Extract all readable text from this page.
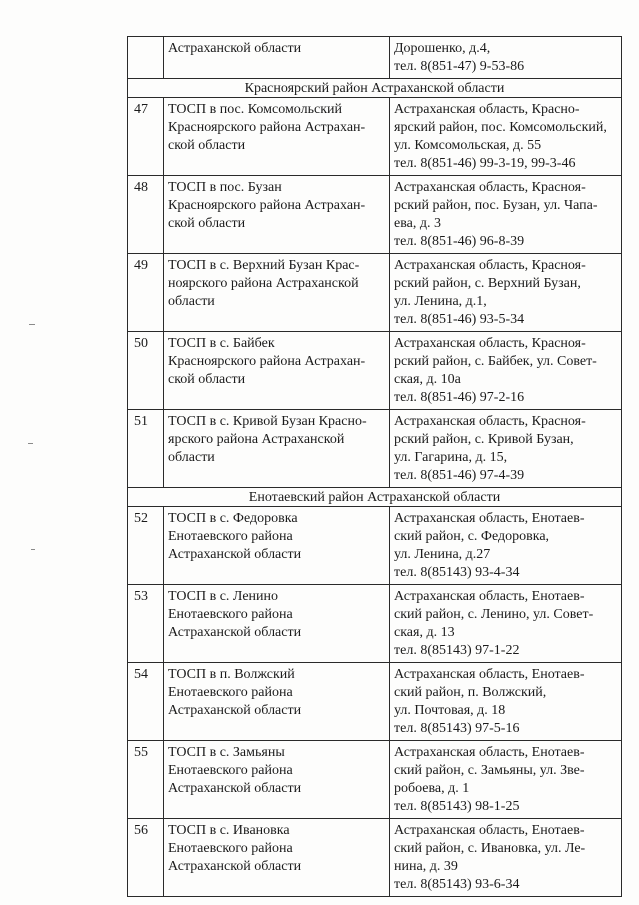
	Астраханской области	Дорошенко, д.4,
тел. 8(851-47) 9-53-86

Красноярский район Астраханской области		
47	ТОСП в пос. Комсомольский
Красноярского района Астрахан-
ской области	Астраханская область, Красно-
ярский район, пос. Комсомольский,
ул. Комсомольская, д. 55
тел. 8(851-46) 99-3-19, 99-3-46

48	ТОСП в пос. Бузан
Красноярского района Астрахан-
ской области	Астраханская область, Красноя-
рский район, пос. Бузан, ул. Чапа-
ева, д. 3
тел. 8(851-46) 96-8-39

49	ТОСП в с. Верхний Бузан Крас-
ноярского района Астраханской
области	Астраханская область, Красноя-
рский район, с. Верхний Бузан,
ул. Ленина, д.1,
тел. 8(851-46) 93-5-34

50	ТОСП в с. Байбек
Красноярского района Астрахан-
ской области	Астраханская область, Красноя-
рский район, с. Байбек, ул. Совет-
ская, д. 10а
тел. 8(851-46) 97-2-16

51	ТОСП в с. Кривой Бузан Красно-
ярского района Астраханской
области	Астраханская область, Красноя-
рский район, с. Кривой Бузан,
ул. Гагарина, д. 15,
тел. 8(851-46) 97-4-39

Енотаевский район Астраханской области		
52	ТОСП в с. Федоровка
Енотаевского района
Астраханской области	Астраханская область, Енотаев-
ский район, с. Федоровка,
ул. Ленина, д.27
тел. 8(85143) 93-4-34

53	ТОСП в с. Ленино
Енотаевского района
Астраханской области	Астраханская область, Енотаев-
ский район, с. Ленино, ул. Совет-
ская, д. 13
тел. 8(85143) 97-1-22

54	ТОСП в п. Волжский
Енотаевского района
Астраханской области	Астраханская область, Енотаев-
ский район, п. Волжский,
ул. Почтовая, д. 18
тел. 8(85143) 97-5-16

55	ТОСП в с. Замьяны
Енотаевского района
Астраханской области	Астраханская область, Енотаев-
ский район, с. Замьяны, ул. Зве-
робоева, д. 1
тел. 8(85143) 98-1-25

56	ТОСП в с. Ивановка
Енотаевского района
Астраханской области	Астраханская область, Енотаев-
ский район, с. Ивановка, ул. Ле-
нина, д. 39
тел. 8(85143) 93-6-34
